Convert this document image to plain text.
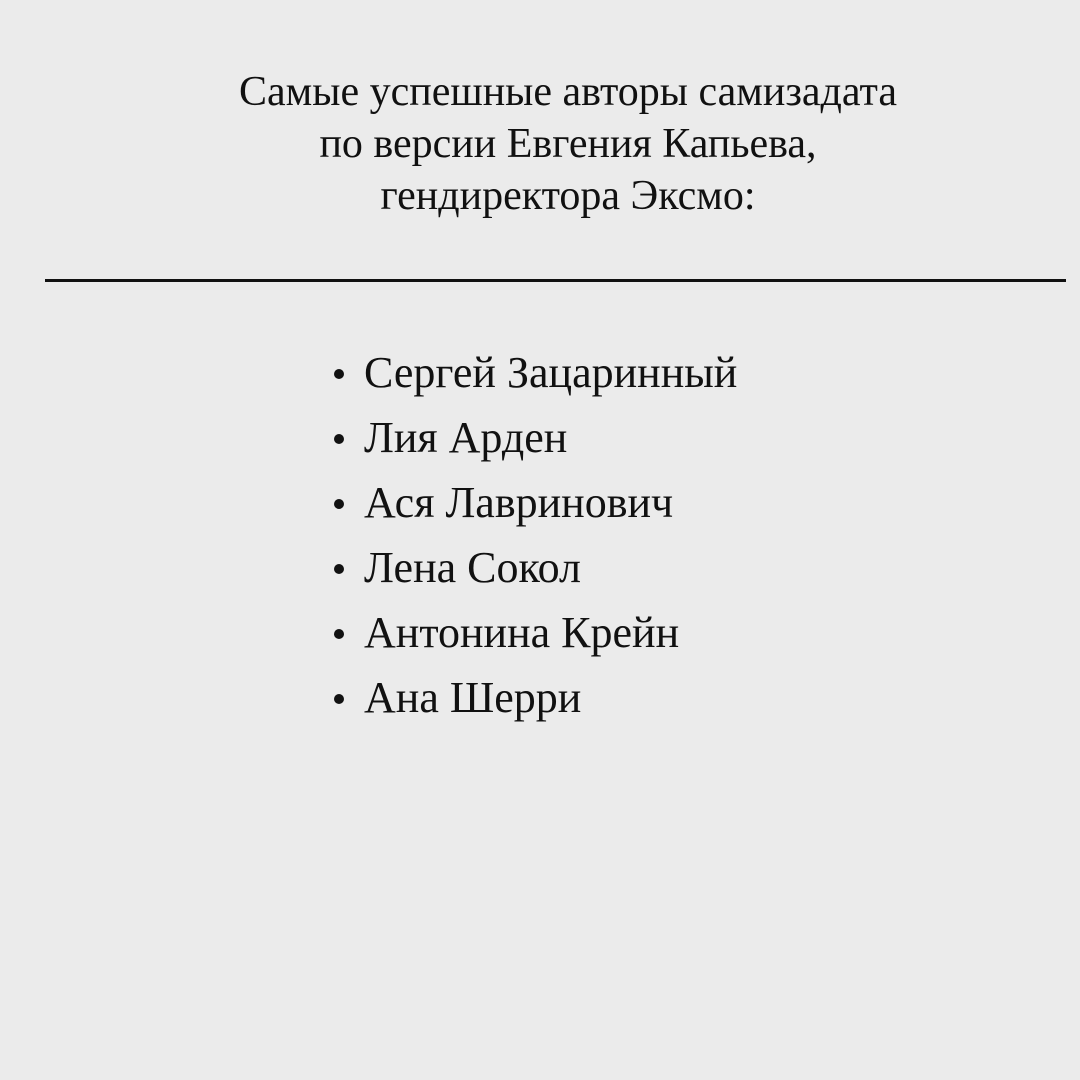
Самые успешные авторы самизадата
по версии Евгения Капьева,
гендиректора Эксмо:
Сергей Зацаринный
Лия Арден
Ася Лавринович
Лена Сокол
Антонина Крейн
Ана Шерри
